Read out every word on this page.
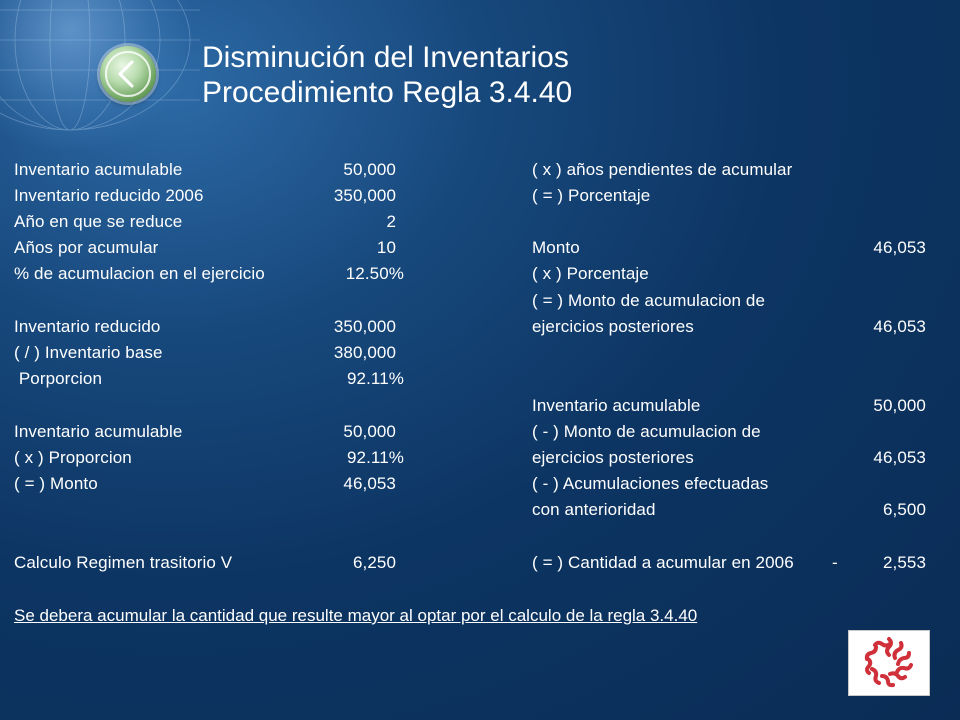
Disminución del Inventarios
Procedimiento Regla 3.4.40
Inventario acumulable	50,000
Inventario reducido 2006	350,000
Año en que se reduce	2
Años por acumular	10
% de acumulacion en el ejercicio	12.50%
Inventario reducido	350,000
( / ) Inventario base	380,000
Porporcion	92.11%
Inventario acumulable	50,000
( x ) Proporcion	92.11%
( = ) Monto	46,053
Calculo Regimen trasitorio V	6,250
( x ) años pendientes de acumular
( = ) Porcentaje
Monto	46,053
( x ) Porcentaje
( = ) Monto de acumulacion de
ejercicios posteriores	46,053
Inventario acumulable	50,000
( - ) Monto de acumulacion de
ejercicios posteriores	46,053
( - ) Acumulaciones efectuadas
con anterioridad	6,500
( = ) Cantidad a acumular en 2006 -	2,553
Se debera acumular la cantidad que resulte mayor al optar por el calculo de la regla 3.4.40
